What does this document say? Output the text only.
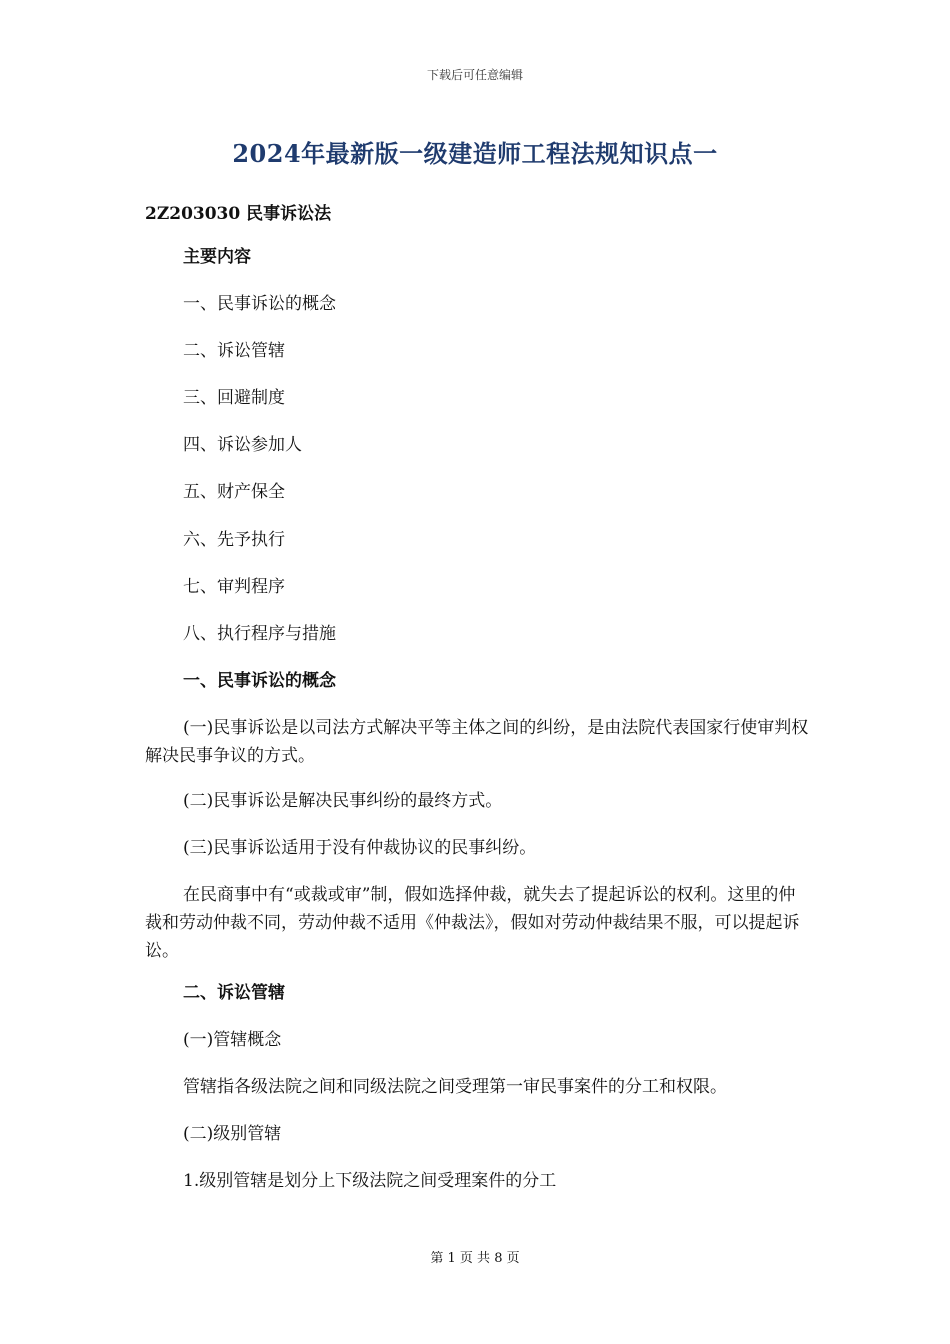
下载后可任意编辑
2024年最新版一级建造师工程法规知识点一
2Z203030 民事诉讼法
主要内容
一、民事诉讼的概念
二、诉讼管辖
三、回避制度
四、诉讼参加人
五、财产保全
六、先予执行
七、审判程序
八、执行程序与措施
一、民事诉讼的概念
(一)民事诉讼是以司法方式解决平等主体之间的纠纷，是由法院代表国家行使审判权解决民事争议的方式。
(二)民事诉讼是解决民事纠纷的最终方式。
(三)民事诉讼适用于没有仲裁协议的民事纠纷。
在民商事中有“或裁或审”制，假如选择仲裁，就失去了提起诉讼的权利。这里的仲裁和劳动仲裁不同，劳动仲裁不适用《仲裁法》，假如对劳动仲裁结果不服，可以提起诉讼。
二、诉讼管辖
(一)管辖概念
管辖指各级法院之间和同级法院之间受理第一审民事案件的分工和权限。
(二)级别管辖
1.级别管辖是划分上下级法院之间受理案件的分工
第 1 页 共 8 页
